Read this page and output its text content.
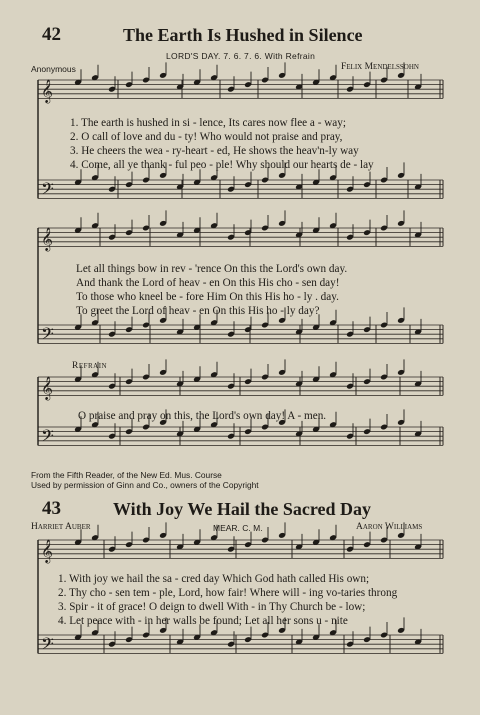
𝄞
𝄢
𝄞
𝄢
𝄞
𝄢
𝄞
𝄢
42	The Earth Is Hushed in Silence
LORD'S DAY. 7. 6. 7. 6. With Refrain
Anonymous	Felix Mendelssohn
1. The earth is hushed in si - lence, Its cares now flee a - way;
2. O call of love and du - ty! Who would not praise and pray,
3. He cheers the wea - ry-heart - ed, He shows the heav'n-ly way
4. Come, all ye thank - ful peo - ple! Why should our hearts de - lay
Let all things bow in rev - 'rence On this the Lord's own day.
And thank the Lord of heav - en On this His cho - sen day!
To those who kneel be - fore Him On this His ho - ly . day.
To greet the Lord of heav - en On this His ho - ly day?
Refrain
O praise and pray on this, the Lord's own day! A - men.
From the Fifth Reader, of the New Ed. Mus. Course
Used by permission of Ginn and Co., owners of the Copyright
43	With Joy We Hail the Sacred Day
Harriet Auber	MEAR. C. M.	Aaron Williams
1. With joy we hail the sa - cred day Which God hath called His own;
2. Thy cho - sen tem - ple, Lord, how fair! Where will - ing vo-taries throng
3. Spir - it of grace! O deign to dwell With - in Thy Church be - low;
4. Let peace with - in her walls be found; Let all her sons u - nite
